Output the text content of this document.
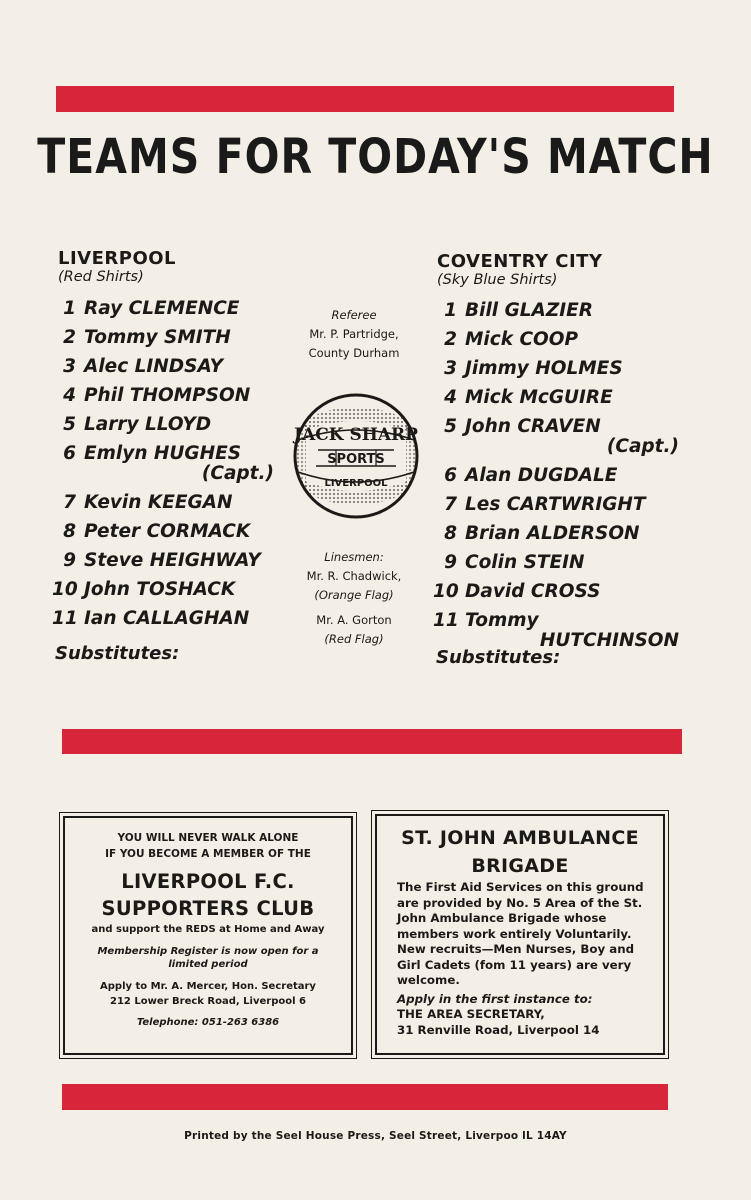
TEAMS FOR TODAY'S MATCH
LIVERPOOL
(Red Shirts)
1 Ray CLEMENCE
2 Tommy SMITH
3 Alec LINDSAY
4 Phil THOMPSON
5 Larry LLOYD
6 Emlyn HUGHES
(Capt.)
7 Kevin KEEGAN
8 Peter CORMACK
9 Steve HEIGHWAY
10 John TOSHACK
11 Ian CALLAGHAN
Substitutes:
COVENTRY CITY
(Sky Blue Shirts)
1 Bill GLAZIER
2 Mick COOP
3 Jimmy HOLMES
4 Mick McGUIRE
5 John CRAVEN
(Capt.)
6 Alan DUGDALE
7 Les CARTWRIGHT
8 Brian ALDERSON
9 Colin STEIN
10 David CROSS
11 Tommy
HUTCHINSON
Substitutes:
Referee
Mr. P. Partridge,
County Durham
JACK SHARP
SPORTS
LIVERPOOL
Linesmen:
Mr. R. Chadwick,
(Orange Flag)
Mr. A. Gorton
(Red Flag)
YOU WILL NEVER WALK ALONE
IF YOU BECOME A MEMBER OF THE
LIVERPOOL F.C.
SUPPORTERS CLUB
and support the REDS at Home and Away
Membership Register is now open for a
limited period
Apply to Mr. A. Mercer, Hon. Secretary
212 Lower Breck Road, Liverpool 6
Telephone: 051-263 6386
ST. JOHN AMBULANCE
BRIGADE
The First Aid Services on this ground are provided by No. 5 Area of the St. John Ambulance Brigade whose members work entirely Voluntarily. New recruits—Men Nurses, Boy and Girl Cadets (fom 11 years) are very welcome.
Apply in the first instance to:
THE AREA SECRETARY,
31 Renville Road, Liverpool 14
Printed by the Seel House Press, Seel Street, Liverpoo lL 14AY
